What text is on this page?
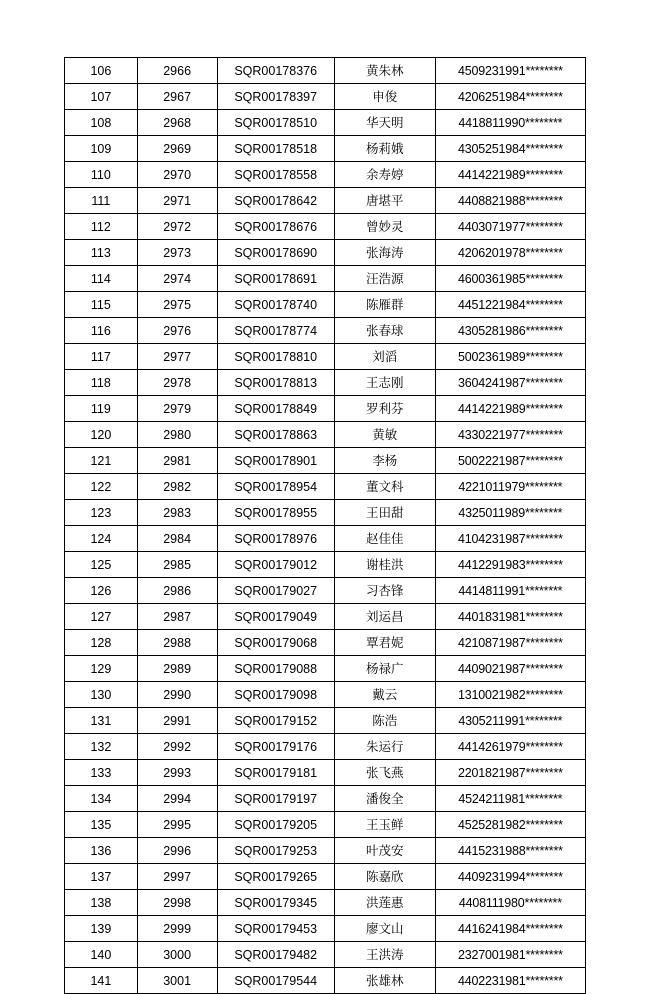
106	2966	SQR00178376	黄朱林	4509231991********
107	2967	SQR00178397	申俊	4206251984********
108	2968	SQR00178510	华天明	4418811990********
109	2969	SQR00178518	杨莉娥	4305251984********
110	2970	SQR00178558	余寿婷	4414221989********
111	2971	SQR00178642	唐堪平	4408821988********
112	2972	SQR00178676	曾妙灵	4403071977********
113	2973	SQR00178690	张海涛	4206201978********
114	2974	SQR00178691	汪浩源	4600361985********
115	2975	SQR00178740	陈雁群	4451221984********
116	2976	SQR00178774	张春球	4305281986********
117	2977	SQR00178810	刘滔	5002361989********
118	2978	SQR00178813	王志刚	3604241987********
119	2979	SQR00178849	罗利芬	4414221989********
120	2980	SQR00178863	黄敏	4330221977********
121	2981	SQR00178901	李杨	5002221987********
122	2982	SQR00178954	董文科	4221011979********
123	2983	SQR00178955	王田甜	4325011989********
124	2984	SQR00178976	赵佳佳	4104231987********
125	2985	SQR00179012	谢桂洪	4412291983********
126	2986	SQR00179027	习杏锋	4414811991********
127	2987	SQR00179049	刘运昌	4401831981********
128	2988	SQR00179068	覃君妮	4210871987********
129	2989	SQR00179088	杨禄广	4409021987********
130	2990	SQR00179098	戴云	1310021982********
131	2991	SQR00179152	陈浩	4305211991********
132	2992	SQR00179176	朱运行	4414261979********
133	2993	SQR00179181	张飞燕	2201821987********
134	2994	SQR00179197	潘俊全	4524211981********
135	2995	SQR00179205	王玉鲜	4525281982********
136	2996	SQR00179253	叶茂安	4415231988********
137	2997	SQR00179265	陈嘉欣	4409231994********
138	2998	SQR00179345	洪莲惠	4408111980********
139	2999	SQR00179453	廖文山	4416241984********
140	3000	SQR00179482	王洪涛	2327001981********
141	3001	SQR00179544	张雄林	4402231981********
